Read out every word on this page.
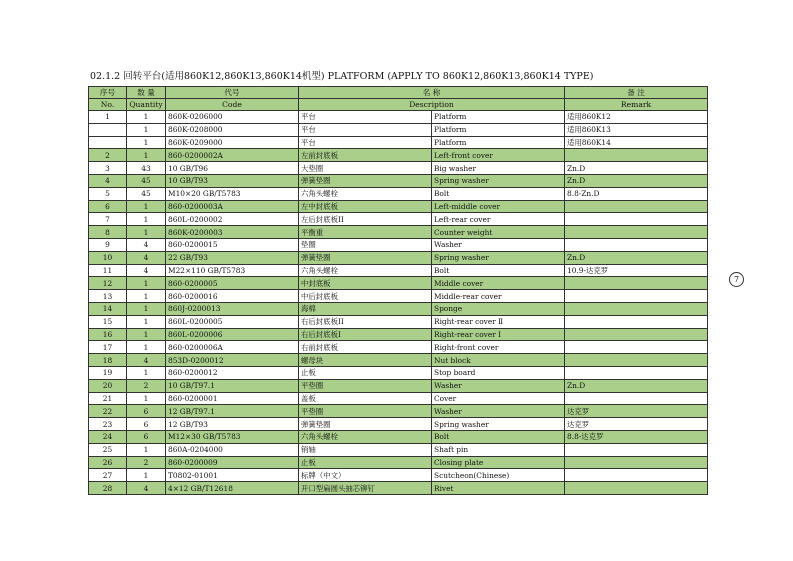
02.1.2 回转平台(适用860K12,860K13,860K14机型) PLATFORM (APPLY TO 860K12,860K13,860K14 TYPE)
序号	数 量	代号	名 称		备 注
No.	Quantity	Code	Description		Remark
1	1	860K-0206000	平台	Platform	适用860K12
	1	860K-0208000	平台	Platform	适用860K13
	1	860K-0209000	平台	Platform	适用860K14
2	1	860-0200002A	左前封底板	Left-front cover	
3	43	10 GB/T96	大垫圈	Big washer	Zn.D
4	45	10 GB/T93	弹簧垫圈	Spring washer	Zn.D
5	45	M10×20 GB/T5783	六角头螺栓	Bolt	8.8-Zn.D
6	1	860-0200003A	左中封底板	Left-middle cover	
7	1	860L-0200002	左后封底板II	Left-rear cover	
8	1	860K-0200003	平衡重	Counter weight	
9	4	860-0200015	垫圈	Washer	
10	4	22 GB/T93	弹簧垫圈	Spring washer	Zn.D
11	4	M22×110 GB/T5783	六角头螺栓	Bolt	10.9-达克罗
12	1	860-0200005	中封底板	Middle cover	
13	1	860-0200016	中后封底板	Middle-rear cover	
14	1	860J-0200013	海棉	Sponge	
15	1	860L-0200005	右后封底板II	Right-rear cover Ⅱ	
16	1	860L-0200006	右后封底板I	Right-rear cover Ⅰ	
17	1	860-0200006A	右前封底板	Right-front cover	
18	4	853D-0200012	螺母块	Nut block	
19	1	860-0200012	止板	Stop board	
20	2	10 GB/T97.1	平垫圈	Washer	Zn.D
21	1	860-0200001	盖板	Cover	
22	6	12 GB/T97.1	平垫圈	Washer	达克罗
23	6	12 GB/T93	弹簧垫圈	Spring washer	达克罗
24	6	M12×30 GB/T5783	六角头螺栓	Bolt	8.8-达克罗
25	1	860A-0204000	销轴	Shaft pin	
26	2	860-0200009	止板	Closing plate	
27	1	T0802-01001	标牌（中文）	Scutcheon(Chinese)	
28	4	4×12 GB/T12618	开口型扁圆头抽芯铆钉	Rivet	
7
